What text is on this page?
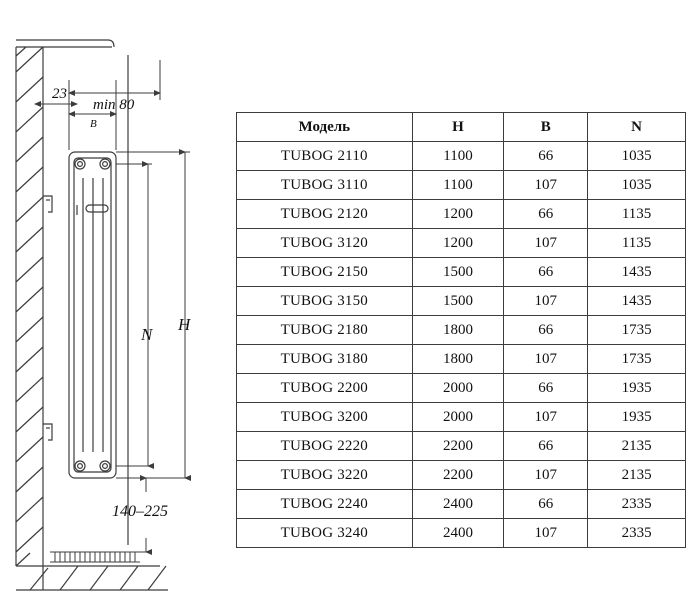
23
min 80
B
N
H
140–225
Модель	H	B	N
TUBOG 2110	1100	66	1035
TUBOG 3110	1100	107	1035
TUBOG 2120	1200	66	1135
TUBOG 3120	1200	107	1135
TUBOG 2150	1500	66	1435
TUBOG 3150	1500	107	1435
TUBOG 2180	1800	66	1735
TUBOG 3180	1800	107	1735
TUBOG 2200	2000	66	1935
TUBOG 3200	2000	107	1935
TUBOG 2220	2200	66	2135
TUBOG 3220	2200	107	2135
TUBOG 2240	2400	66	2335
TUBOG 3240	2400	107	2335
